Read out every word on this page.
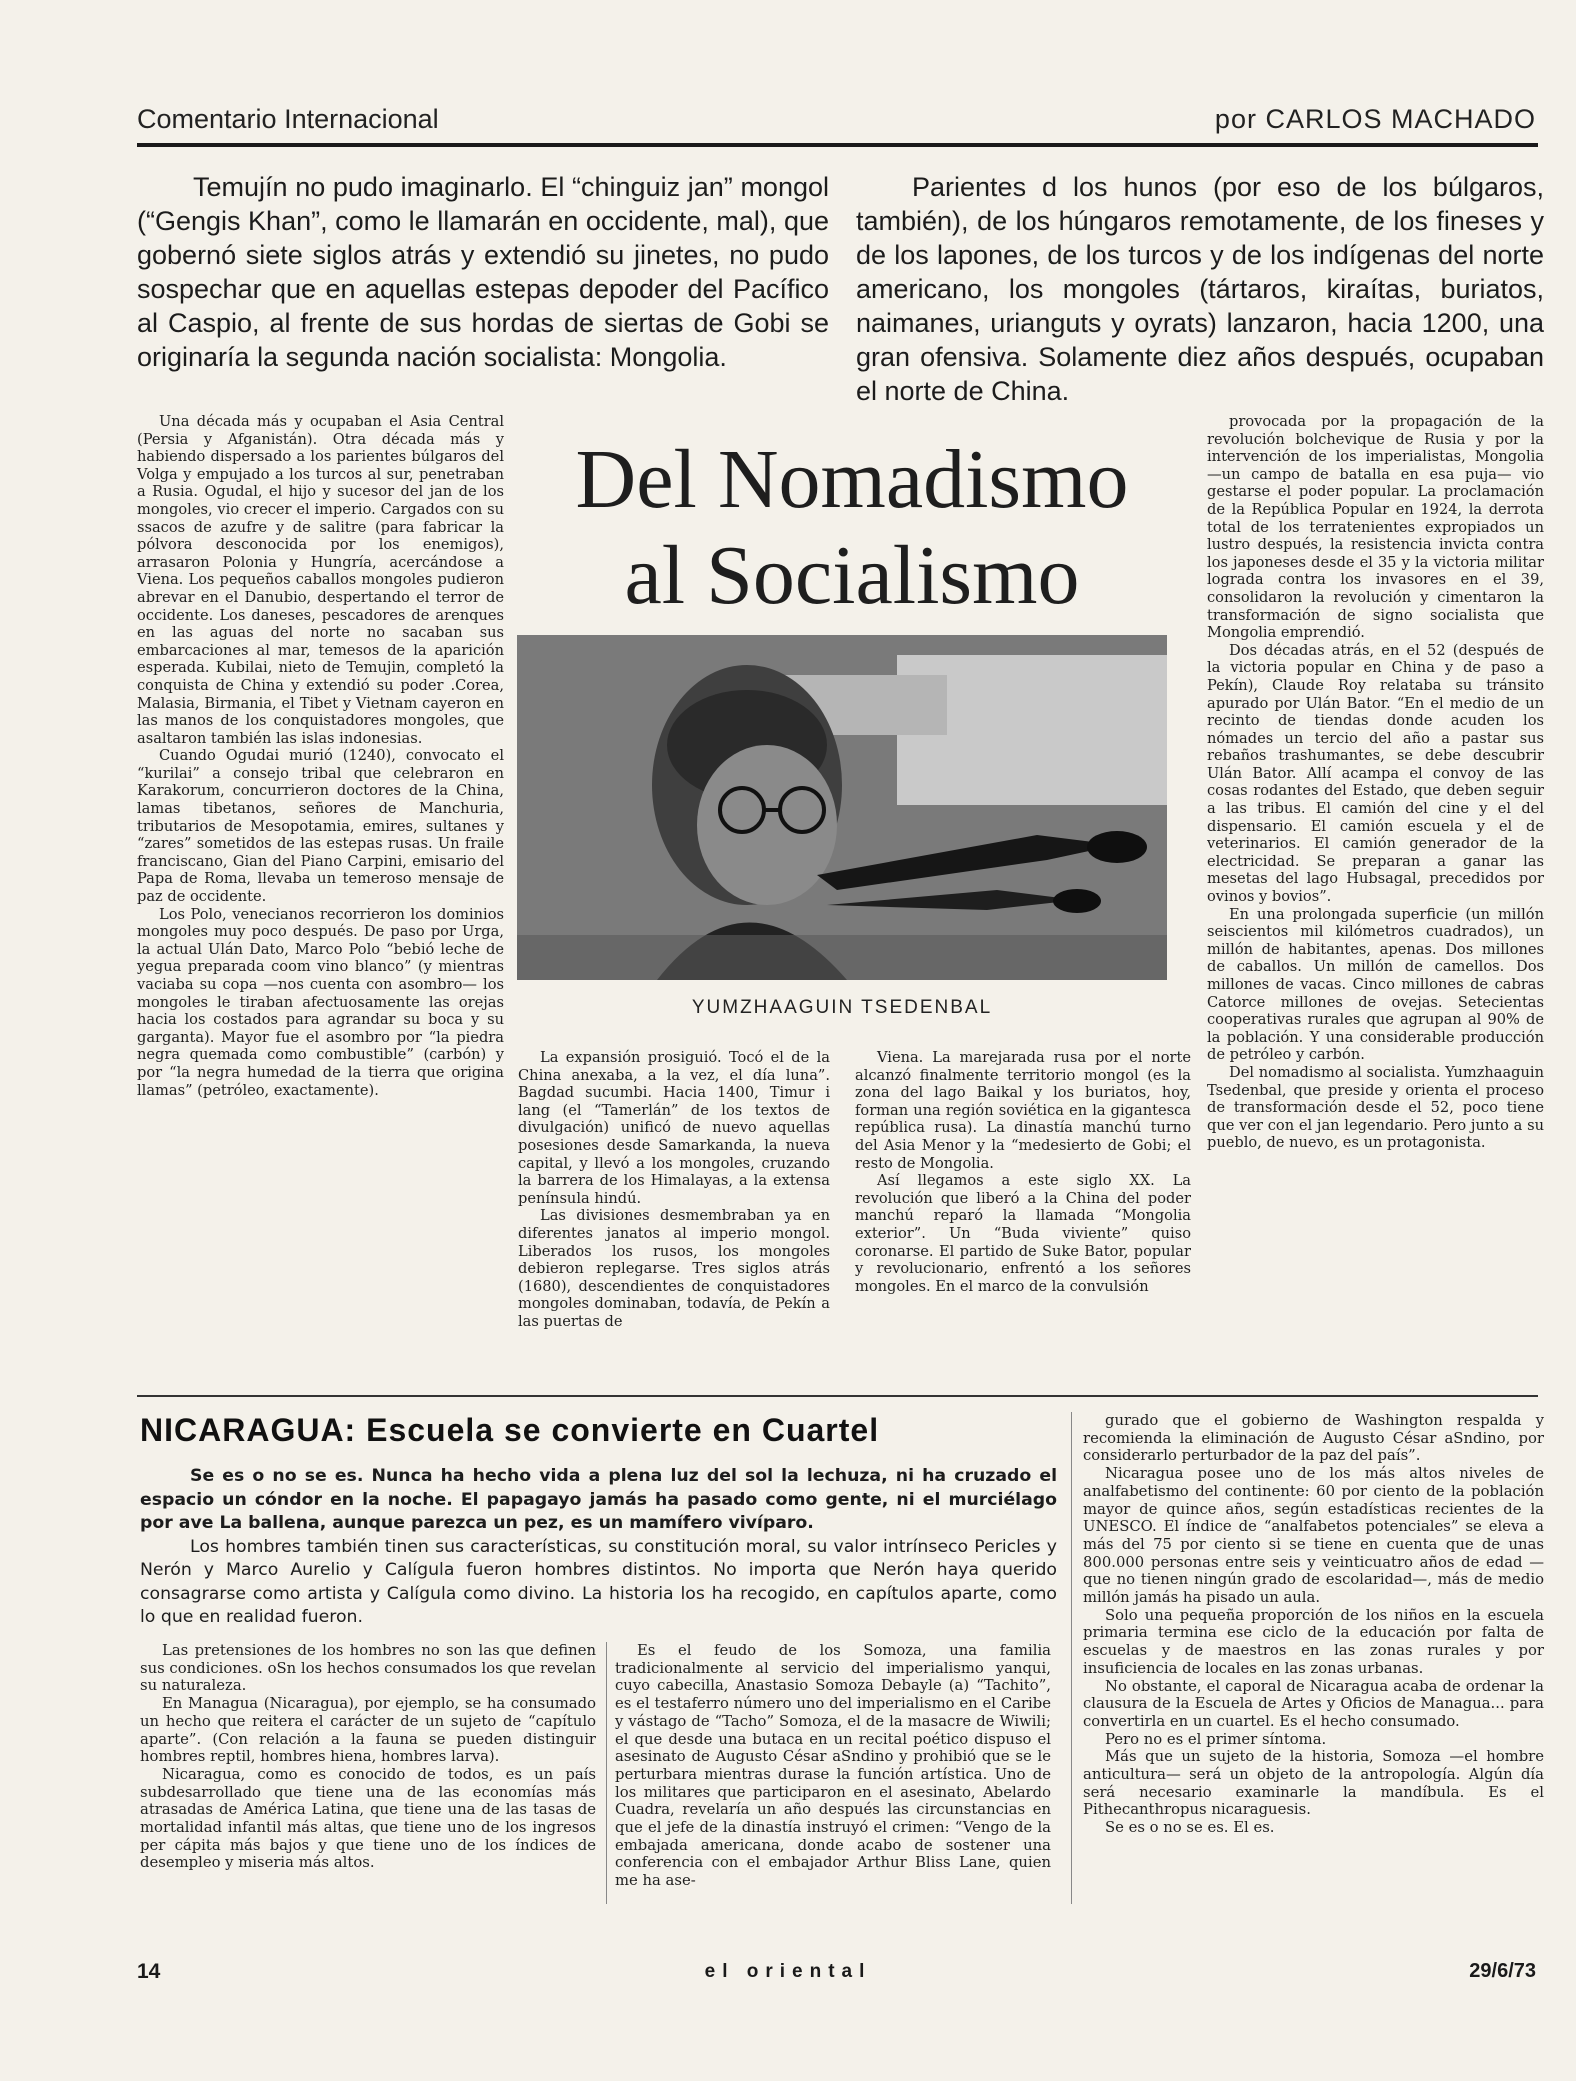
Comentario Internacional	por CARLOS MACHADO

Temujín no pudo imaginarlo. El “chinguiz jan” mongol (“Gengis Khan”, como le llamarán en occidente, mal), que gobernó siete siglos atrás y extendió su jinetes, no pudo sospechar que en aquellas estepas depoder del Pacífico al Caspio, al frente de sus hordas de siertas de Gobi se originaría la segunda nación socialista: Mongolia.

Parientes d los hunos (por eso de los búlgaros, también), de los húngaros remotamente, de los fineses y de los lapones, de los turcos y de los indígenas del norte americano, los mongoles (tártaros, kiraítas, buriatos, naimanes, urianguts y oyrats) lanzaron, hacia 1200, una gran ofensiva. Solamente diez años después, ocupaban el norte de China.

Una década más y ocupaban el Asia Central (Persia y Afganistán). Otra década más y habiendo dispersado a los parientes búlgaros del Volga y empujado a los turcos al sur, penetraban a Rusia. Ogudal, el hijo y sucesor del jan de los mongoles, vio crecer el imperio. Cargados con su ssacos de azufre y de salitre (para fabricar la pólvora desconocida por los enemigos), arrasaron Polonia y Hungría, acercándose a Viena. Los pequeños caballos mongoles pudieron abrevar en el Danubio, despertando el terror de occidente. Los daneses, pescadores de arenques en las aguas del norte no sacaban sus embarcaciones al mar, temesos de la aparición esperada. Kubilai, nieto de Temujin, completó la conquista de China y extendió su poder .Corea, Malasia, Birmania, el Tibet y Vietnam cayeron en las manos de los conquistadores mongoles, que asaltaron también las islas indonesias.

Cuando Ogudai murió (1240), convocato el “kurilai” a consejo tribal que celebraron en Karakorum, concurrieron doctores de la China, lamas tibetanos, señores de Manchuria, tributarios de Mesopotamia, emires, sultanes y “zares” sometidos de las estepas rusas. Un fraile franciscano, Gian del Piano Carpini, emisario del Papa de Roma, llevaba un temeroso mensaje de paz de occidente.

Los Polo, venecianos recorrieron los dominios mongoles muy poco después. De paso por Urga, la actual Ulán Dato, Marco Polo “bebió leche de yegua preparada coom vino blanco” (y mientras vaciaba su copa —nos cuenta con asombro— los mongoles le tiraban afectuosamente las orejas hacia los costados para agrandar su boca y su garganta). Mayor fue el asombro por “la piedra negra quemada como combustible” (carbón) y por “la negra humedad de la tierra que origina llamas” (petróleo, exactamente).

Del Nomadismo
al Socialismo
YUMZHAAGUIN TSEDENBAL

La expansión prosiguió. Tocó el de la China anexaba, a la vez, el día luna”. Bagdad sucumbi. Hacia 1400, Timur i lang (el “Tamerlán” de los textos de divulgación) unificó de nuevo aquellas posesiones desde Samarkanda, la nueva capital, y llevó a los mongoles, cruzando la barrera de los Himalayas, a la extensa península hindú.

Las divisiones desmembraban ya en diferentes janatos al imperio mongol. Liberados los rusos, los mongoles debieron replegarse. Tres siglos atrás (1680), descendientes de conquistadores mongoles dominaban, todavía, de Pekín a las puertas de

Viena. La marejarada rusa por el norte alcanzó finalmente territorio mongol (es la zona del lago Baikal y los buriatos, hoy, forman una región soviética en la gigantesca república rusa). La dinastía manchú turno del Asia Menor y la “medesierto de Gobi; el resto de Mongolia.

Así llegamos a este siglo XX. La revolución que liberó a la China del poder manchú reparó la llamada “Mongolia exterior”. Un “Buda viviente” quiso coronarse. El partido de Suke Bator, popular y revolucionario, enfrentó a los señores mongoles. En el marco de la convulsión

provocada por la propagación de la revolución bolchevique de Rusia y por la intervención de los imperialistas, Mongolia —un campo de batalla en esa puja— vio gestarse el poder popular. La proclamación de la República Popular en 1924, la derrota total de los terratenientes expropiados un lustro después, la resistencia invicta contra los japoneses desde el 35 y la victoria militar lograda contra los invasores en el 39, consolidaron la revolución y cimentaron la transformación de signo socialista que Mongolia emprendió.

Dos décadas atrás, en el 52 (después de la victoria popular en China y de paso a Pekín), Claude Roy relataba su tránsito apurado por Ulán Bator. “En el medio de un recinto de tiendas donde acuden los nómades un tercio del año a pastar sus rebaños trashumantes, se debe descubrir Ulán Bator. Allí acampa el convoy de las cosas rodantes del Estado, que deben seguir a las tribus. El camión del cine y el del dispensario. El camión escuela y el de veterinarios. El camión generador de la electricidad. Se preparan a ganar las mesetas del lago Hubsagal, precedidos por ovinos y bovios”.

En una prolongada superficie (un millón seiscientos mil kilómetros cuadrados), un millón de habitantes, apenas. Dos millones de caballos. Un millón de camellos. Dos millones de vacas. Cinco millones de cabras Catorce millones de ovejas. Setecientas cooperativas rurales que agrupan al 90% de la población. Y una considerable producción de petróleo y carbón.

Del nomadismo al socialista. Yumzhaaguin Tsedenbal, que preside y orienta el proceso de transformación desde el 52, poco tiene que ver con el jan legendario. Pero junto a su pueblo, de nuevo, es un protagonista.

NICARAGUA: Escuela se convierte en Cuartel

Se es o no se es. Nunca ha hecho vida a plena luz del sol la lechuza, ni ha cruzado el espacio un cóndor en la noche. El papagayo jamás ha pasado como gente, ni el murciélago por ave La ballena, aunque parezca un pez, es un mamífero vivíparo.

Los hombres también tinen sus características, su constitución moral, su valor intrínseco Pericles y Nerón y Marco Aurelio y Calígula fueron hombres distintos. No importa que Nerón haya querido consagrarse como artista y Calígula como divino. La historia los ha recogido, en capítulos aparte, como lo que en realidad fueron.

Las pretensiones de los hombres no son las que definen sus condiciones. oSn los hechos consumados los que revelan su naturaleza.

En Managua (Nicaragua), por ejemplo, se ha consumado un hecho que reitera el carácter de un sujeto de “capítulo aparte”. (Con relación a la fauna se pueden distinguir hombres reptil, hombres hiena, hombres larva).

Nicaragua, como es conocido de todos, es un país subdesarrollado que tiene una de las economías más atrasadas de América Latina, que tiene una de las tasas de mortalidad infantil más altas, que tiene uno de los ingresos per cápita más bajos y que tiene uno de los índices de desempleo y miseria más altos.

Es el feudo de los Somoza, una familia tradicionalmente al servicio del imperialismo yanqui, cuyo cabecilla, Anastasio Somoza Debayle (a) “Tachito”, es el testaferro número uno del imperialismo en el Caribe y vástago de “Tacho” Somoza, el de la masacre de Wiwili; el que desde una butaca en un recital poético dispuso el asesinato de Augusto César aSndino y prohibió que se le perturbara mientras durase la función artística. Uno de los militares que participaron en el asesinato, Abelardo Cuadra, revelaría un año después las circunstancias en que el jefe de la dinastía instruyó el crimen: “Vengo de la embajada americana, donde acabo de sostener una conferencia con el embajador Arthur Bliss Lane, quien me ha ase-

gurado que el gobierno de Washington respalda y recomienda la eliminación de Augusto César aSndino, por considerarlo perturbador de la paz del país”.

Nicaragua posee uno de los más altos niveles de analfabetismo del continente: 60 por ciento de la población mayor de quince años, según estadísticas recientes de la UNESCO. El índice de “analfabetos potenciales” se eleva a más del 75 por ciento si se tiene en cuenta que de unas 800.000 personas entre seis y veinticuatro años de edad —que no tienen ningún grado de escolaridad—, más de medio millón jamás ha pisado un aula.

Solo una pequeña proporción de los niños en la escuela primaria termina ese ciclo de la educación por falta de escuelas y de maestros en las zonas rurales y por insuficiencia de locales en las zonas urbanas.

No obstante, el caporal de Nicaragua acaba de ordenar la clausura de la Escuela de Artes y Oficios de Managua... para convertirla en un cuartel. Es el hecho consumado.

Pero no es el primer síntoma.

Más que un sujeto de la historia, Somoza —el hombre anticultura— será un objeto de la antropología. Algún día será necesario examinarle la mandíbula. Es el Pithecanthropus nicaraguesis.

Se es o no se es. El es.

14	el oriental	29/6/73
